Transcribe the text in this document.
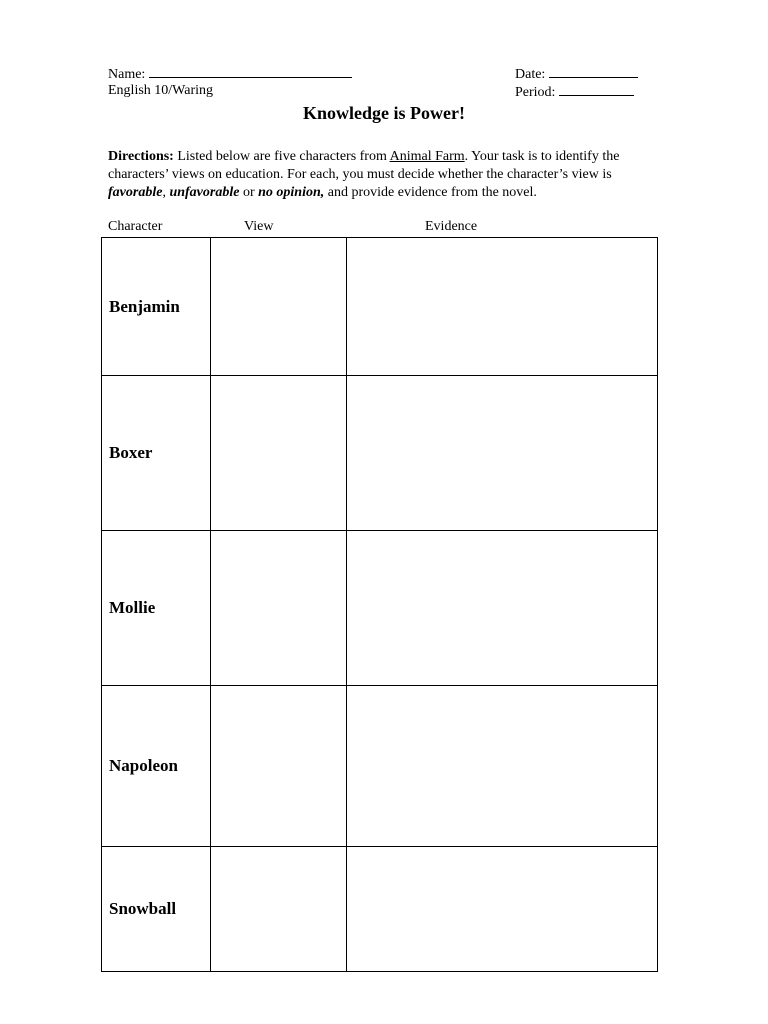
Name:
English 10/Waring
Date:
Period:
Knowledge is Power!
Directions: Listed below are five characters from Animal Farm. Your task is to identify the characters’ views on education. For each, you must decide whether the character’s view is favorable, unfavorable or no opinion, and provide evidence from the novel.
Character	View	Evidence
Benjamin		
Boxer		
Mollie		
Napoleon		
Snowball		
